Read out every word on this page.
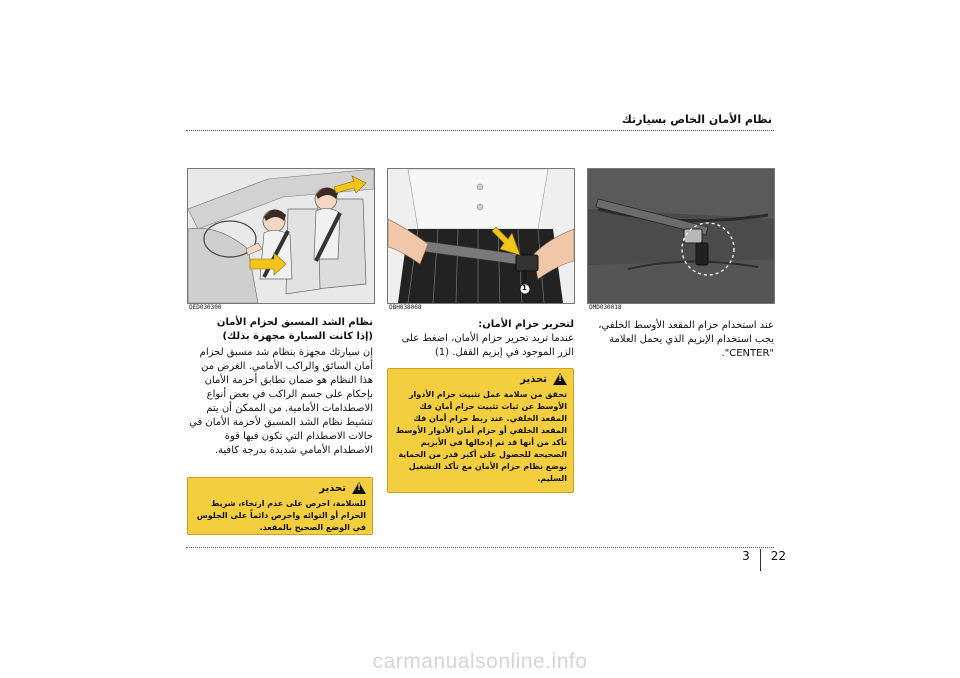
نظام الأمان الخاص بسيارتك
OED030300
1
OBH038068	OMD030018
عند استخدام حزام المقعد الأوسط الخلفي، يجب استخدام الإبزيم الذي يحمل العلامة "CENTER".
لتحرير حزام الأمان:
عندما تريد تحرير حزام الأمان، اضغط على الزر الموجود في إبزيم القفل. (1)
!
تحذير
تحقق من سلامة عمل تثبيت حزام الأدوار الأوسط عن ثبات تثبيت حزام أمان فك المقعد الخلفي. عند ربط حزام أمان فك المقعد الخلفي أو حزام أمان الأدوار الأوسط تأكد من أنها قد تم إدخالها في الأبزيم الصحيحة للحصول على أكبر قدر من الحماية بوضع نظام حزام الأمان مع تأكد التشغيل السليم.
نظام الشد المسبق لحزام الأمان
(إذا كانت السيارة مجهزة بذلك)
إن سيارتك مجهزة بنظام شد مسبق لحزام أمان السائق والراكب الأمامي. الغرض من هذا النظام هو ضمان تطابق أحزمة الأمان بإحكام على جسم الراكب في بعض أنواع الاصطدامات الأمامية. من الممكن أن يتم تنشيط نظام الشد المسبق لأحزمة الأمان في حالات الاصطدام التي تكون فيها قوة الاصطدام الأمامي شديدة بدرجة كافية.
!
تحذير
للسلامة، احرص على عدم ارتخاء، شريط الحزام أو التوائه واحرص دائماً على الجلوس في الوضع الصحيح بالمقعد.
3 22
carmanualsonline.info
